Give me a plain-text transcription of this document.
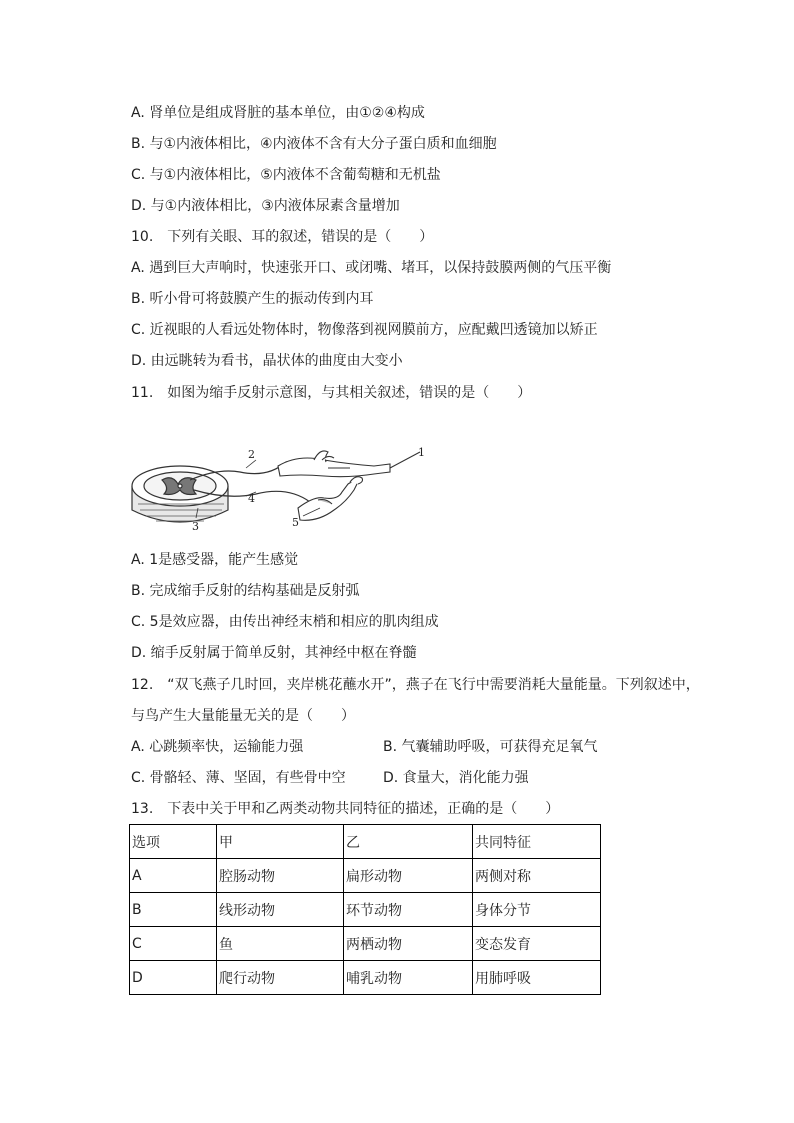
A. 肾单位是组成肾脏的基本单位，由①②④构成
B. 与①内液体相比，④内液体不含有大分子蛋白质和血细胞
C. 与①内液体相比，⑤内液体不含葡萄糖和无机盐
D. 与①内液体相比，③内液体尿素含量增加
10.　下列有关眼、耳的叙述，错误的是（　　）
A. 遇到巨大声响时，快速张开口、或闭嘴、堵耳，以保持鼓膜两侧的气压平衡
B. 听小骨可将鼓膜产生的振动传到内耳
C. 近视眼的人看远处物体时，物像落到视网膜前方，应配戴凹透镜加以矫正
D. 由远眺转为看书，晶状体的曲度由大变小
11.　如图为缩手反射示意图，与其相关叙述，错误的是（　　）
1
2
3
4
5
A. 1是感受器，能产生感觉
B. 完成缩手反射的结构基础是反射弧
C. 5是效应器，由传出神经末梢和相应的肌肉组成
D. 缩手反射属于简单反射，其神经中枢在脊髓
12.　“双飞燕子几时回，夹岸桃花蘸水开”，燕子在飞行中需要消耗大量能量。下列叙述中，
与鸟产生大量能量无关的是（　　）
A. 心跳频率快，运输能力强	B. 气囊辅助呼吸，可获得充足氧气
C. 骨骼轻、薄、坚固，有些骨中空	D. 食量大，消化能力强
13.　下表中关于甲和乙两类动物共同特征的描述，正确的是（　　）
选项	甲	乙	共同特征
A	腔肠动物	扁形动物	两侧对称
B	线形动物	环节动物	身体分节
C	鱼	两栖动物	变态发育
D	爬行动物	哺乳动物	用肺呼吸
